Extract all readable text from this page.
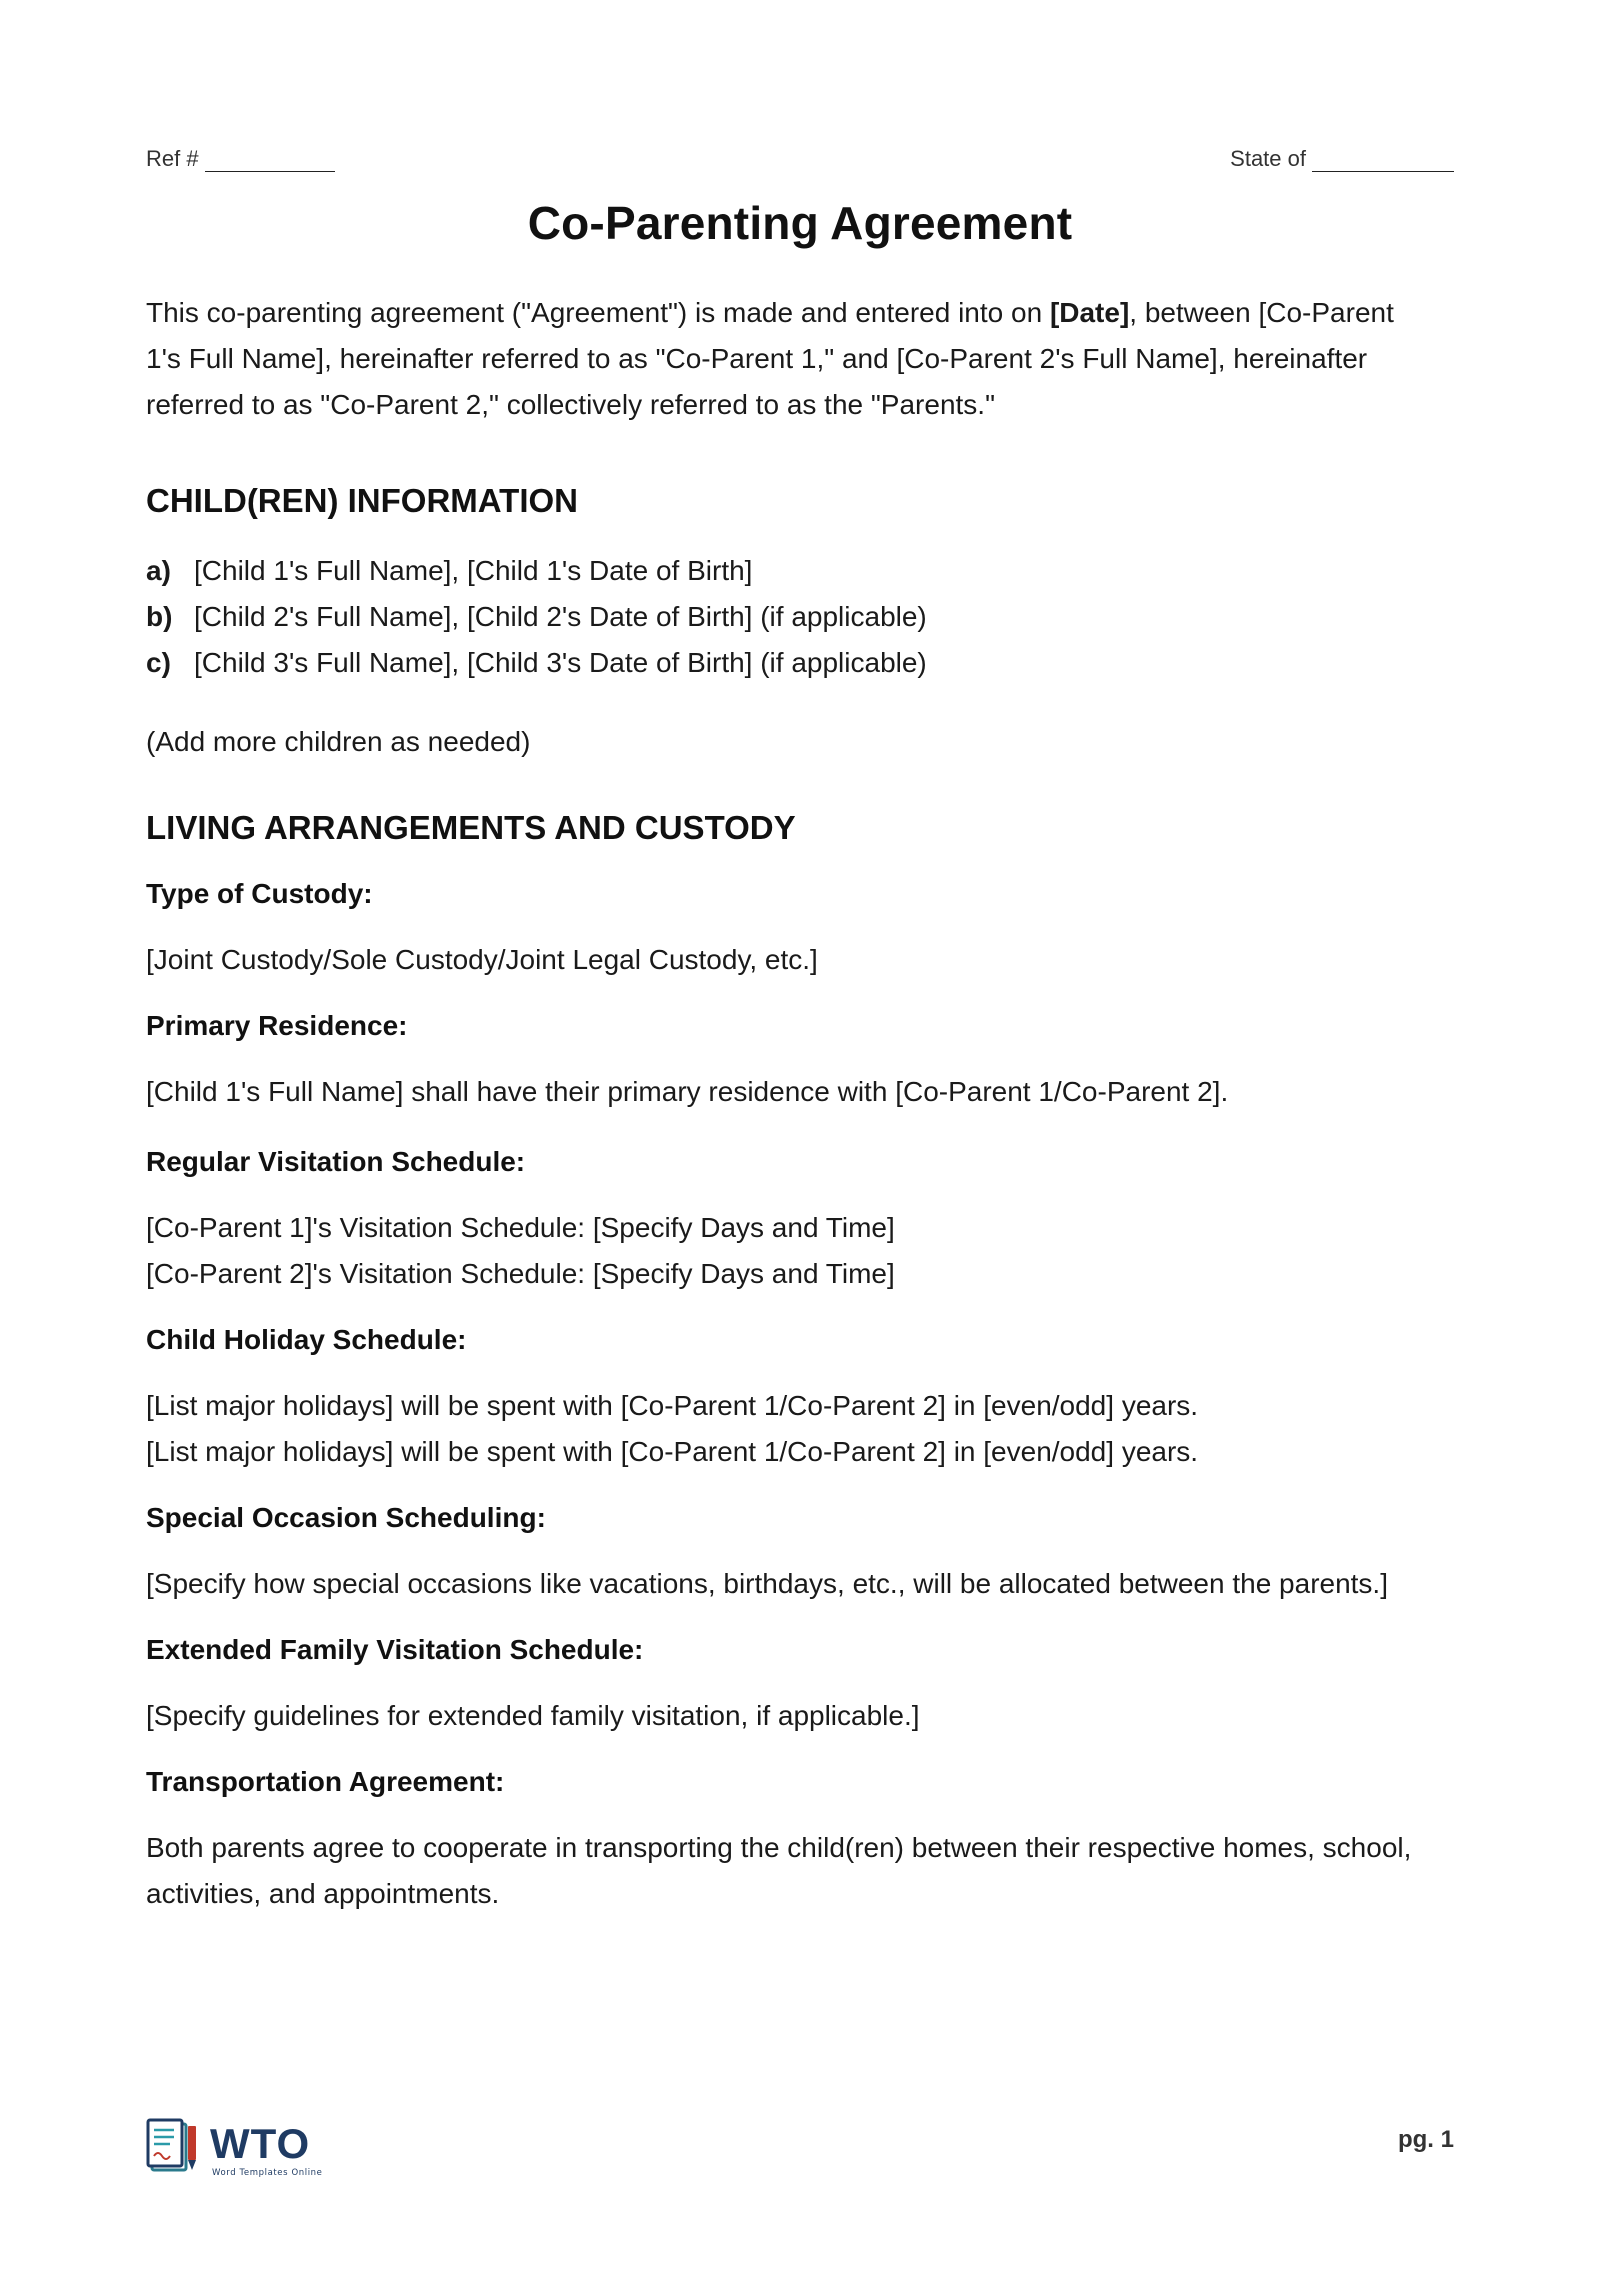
Ref #	State of
Co-Parenting Agreement

This co-parenting agreement ("Agreement") is made and entered into on [Date], between [Co-Parent 1's Full Name], hereinafter referred to as "Co-Parent 1," and [Co-Parent 2's Full Name], hereinafter referred to as "Co-Parent 2," collectively referred to as the "Parents."

CHILD(REN) INFORMATION
a) [Child 1's Full Name], [Child 1's Date of Birth]
b) [Child 2's Full Name], [Child 2's Date of Birth] (if applicable)
c) [Child 3's Full Name], [Child 3's Date of Birth] (if applicable)

(Add more children as needed)

LIVING ARRANGEMENTS AND CUSTODY

Type of Custody:

[Joint Custody/Sole Custody/Joint Legal Custody, etc.]

Primary Residence:

[Child 1's Full Name] shall have their primary residence with [Co-Parent 1/Co-Parent 2].

Regular Visitation Schedule:

[Co-Parent 1]'s Visitation Schedule: [Specify Days and Time]
[Co-Parent 2]'s Visitation Schedule: [Specify Days and Time]

Child Holiday Schedule:

[List major holidays] will be spent with [Co-Parent 1/Co-Parent 2] in [even/odd] years.
[List major holidays] will be spent with [Co-Parent 1/Co-Parent 2] in [even/odd] years.

Special Occasion Scheduling:

[Specify how special occasions like vacations, birthdays, etc., will be allocated between the parents.]

Extended Family Visitation Schedule:

[Specify guidelines for extended family visitation, if applicable.]

Transportation Agreement:

Both parents agree to cooperate in transporting the child(ren) between their respective homes, school, activities, and appointments.

WTO
Word Templates Online
pg. 1
